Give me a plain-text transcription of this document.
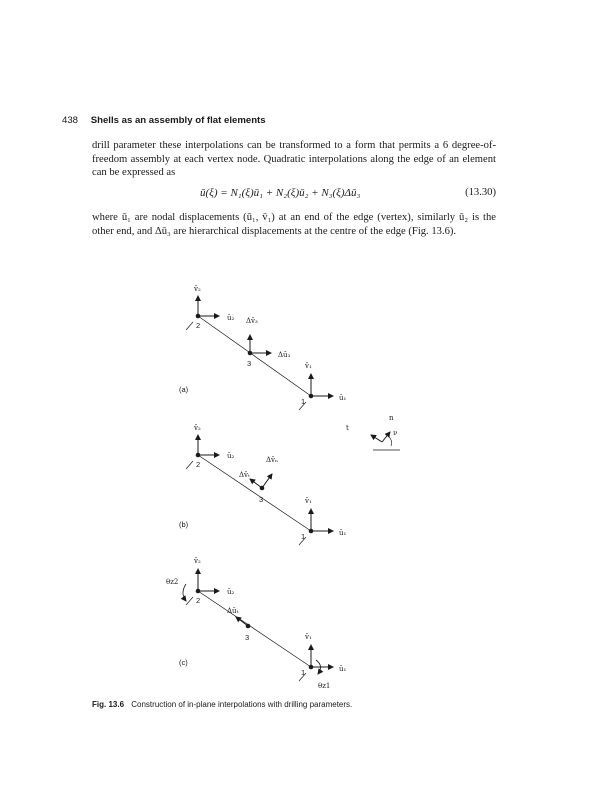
438 Shells as an assembly of flat elements
drill parameter these interpolations can be transformed to a form that permits a 6 degree-of-freedom assembly at each vertex node. Quadratic interpolations along the edge of an element can be expressed as
ū(ξ) = N₁(ξ)ū₁ + N₂(ξ)ū₂ + N₃(ξ)Δū₃	(13.30)
where ū₁ are nodal displacements (ū₁, v̄₁) at an end of the edge (vertex), similarly ū₂ is the other end, and Δū₃ are hierarchical displacements at the centre of the edge (Fig. 13.6).
v̄₂
ū₂ Δv̄₃
Δū₃
v̄₁
ū₁
2
3
1
(a)
n
t
ν
v̄₂
ū₂	Δv̄ₙ
Δv̄ₜ
v̄₁
ū₁
2
3
1
(b)
v̄₂
θz2
ū₂
Δūₜ
v̄₁
ū₁
θz1
2
3
1
(c)
Fig. 13.6 Construction of in-plane interpolations with drilling parameters.
